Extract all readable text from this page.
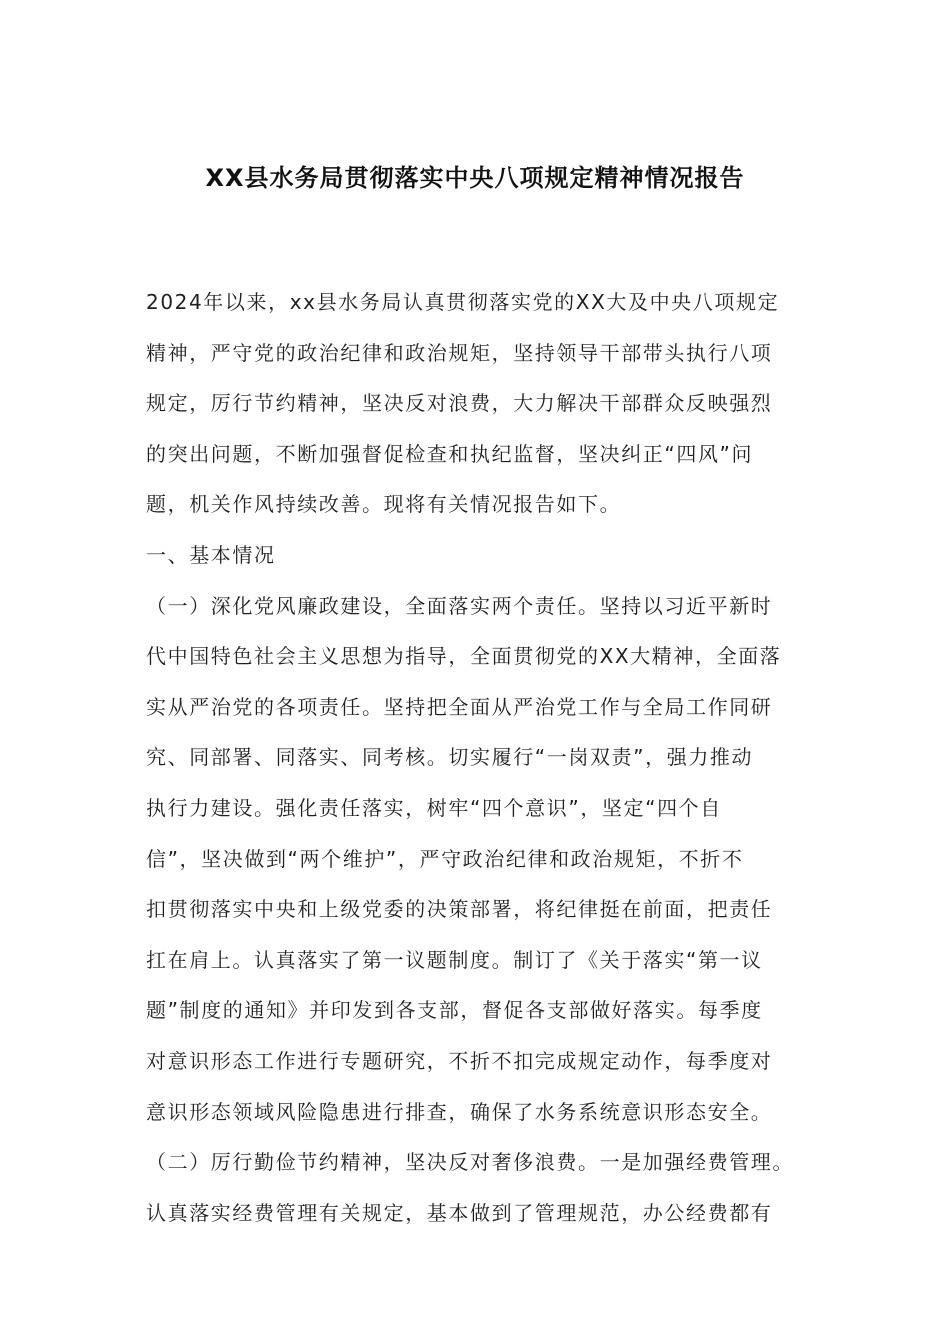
XX县水务局贯彻落实中央八项规定精神情况报告
2024年以来，xx县水务局认真贯彻落实党的XX大及中央八项规定
精神，严守党的政治纪律和政治规矩，坚持领导干部带头执行八项
规定，厉行节约精神，坚决反对浪费，大力解决干部群众反映强烈
的突出问题，不断加强督促检查和执纪监督，坚决纠正“四风”问
题，机关作风持续改善。现将有关情况报告如下。
一、基本情况
（一）深化党风廉政建设，全面落实两个责任。坚持以习近平新时
代中国特色社会主义思想为指导，全面贯彻党的XX大精神，全面落
实从严治党的各项责任。坚持把全面从严治党工作与全局工作同研
究、同部署、同落实、同考核。切实履行“一岗双责”，强力推动
执行力建设。强化责任落实，树牢“四个意识”，坚定“四个自
信”，坚决做到“两个维护”，严守政治纪律和政治规矩，不折不
扣贯彻落实中央和上级党委的决策部署，将纪律挺在前面，把责任
扛在肩上。认真落实了第一议题制度。制订了《关于落实“第一议
题”制度的通知》并印发到各支部，督促各支部做好落实。每季度
对意识形态工作进行专题研究，不折不扣完成规定动作，每季度对
意识形态领域风险隐患进行排查，确保了水务系统意识形态安全。
（二）厉行勤俭节约精神，坚决反对奢侈浪费。一是加强经费管理。
认真落实经费管理有关规定，基本做到了管理规范，办公经费都有
